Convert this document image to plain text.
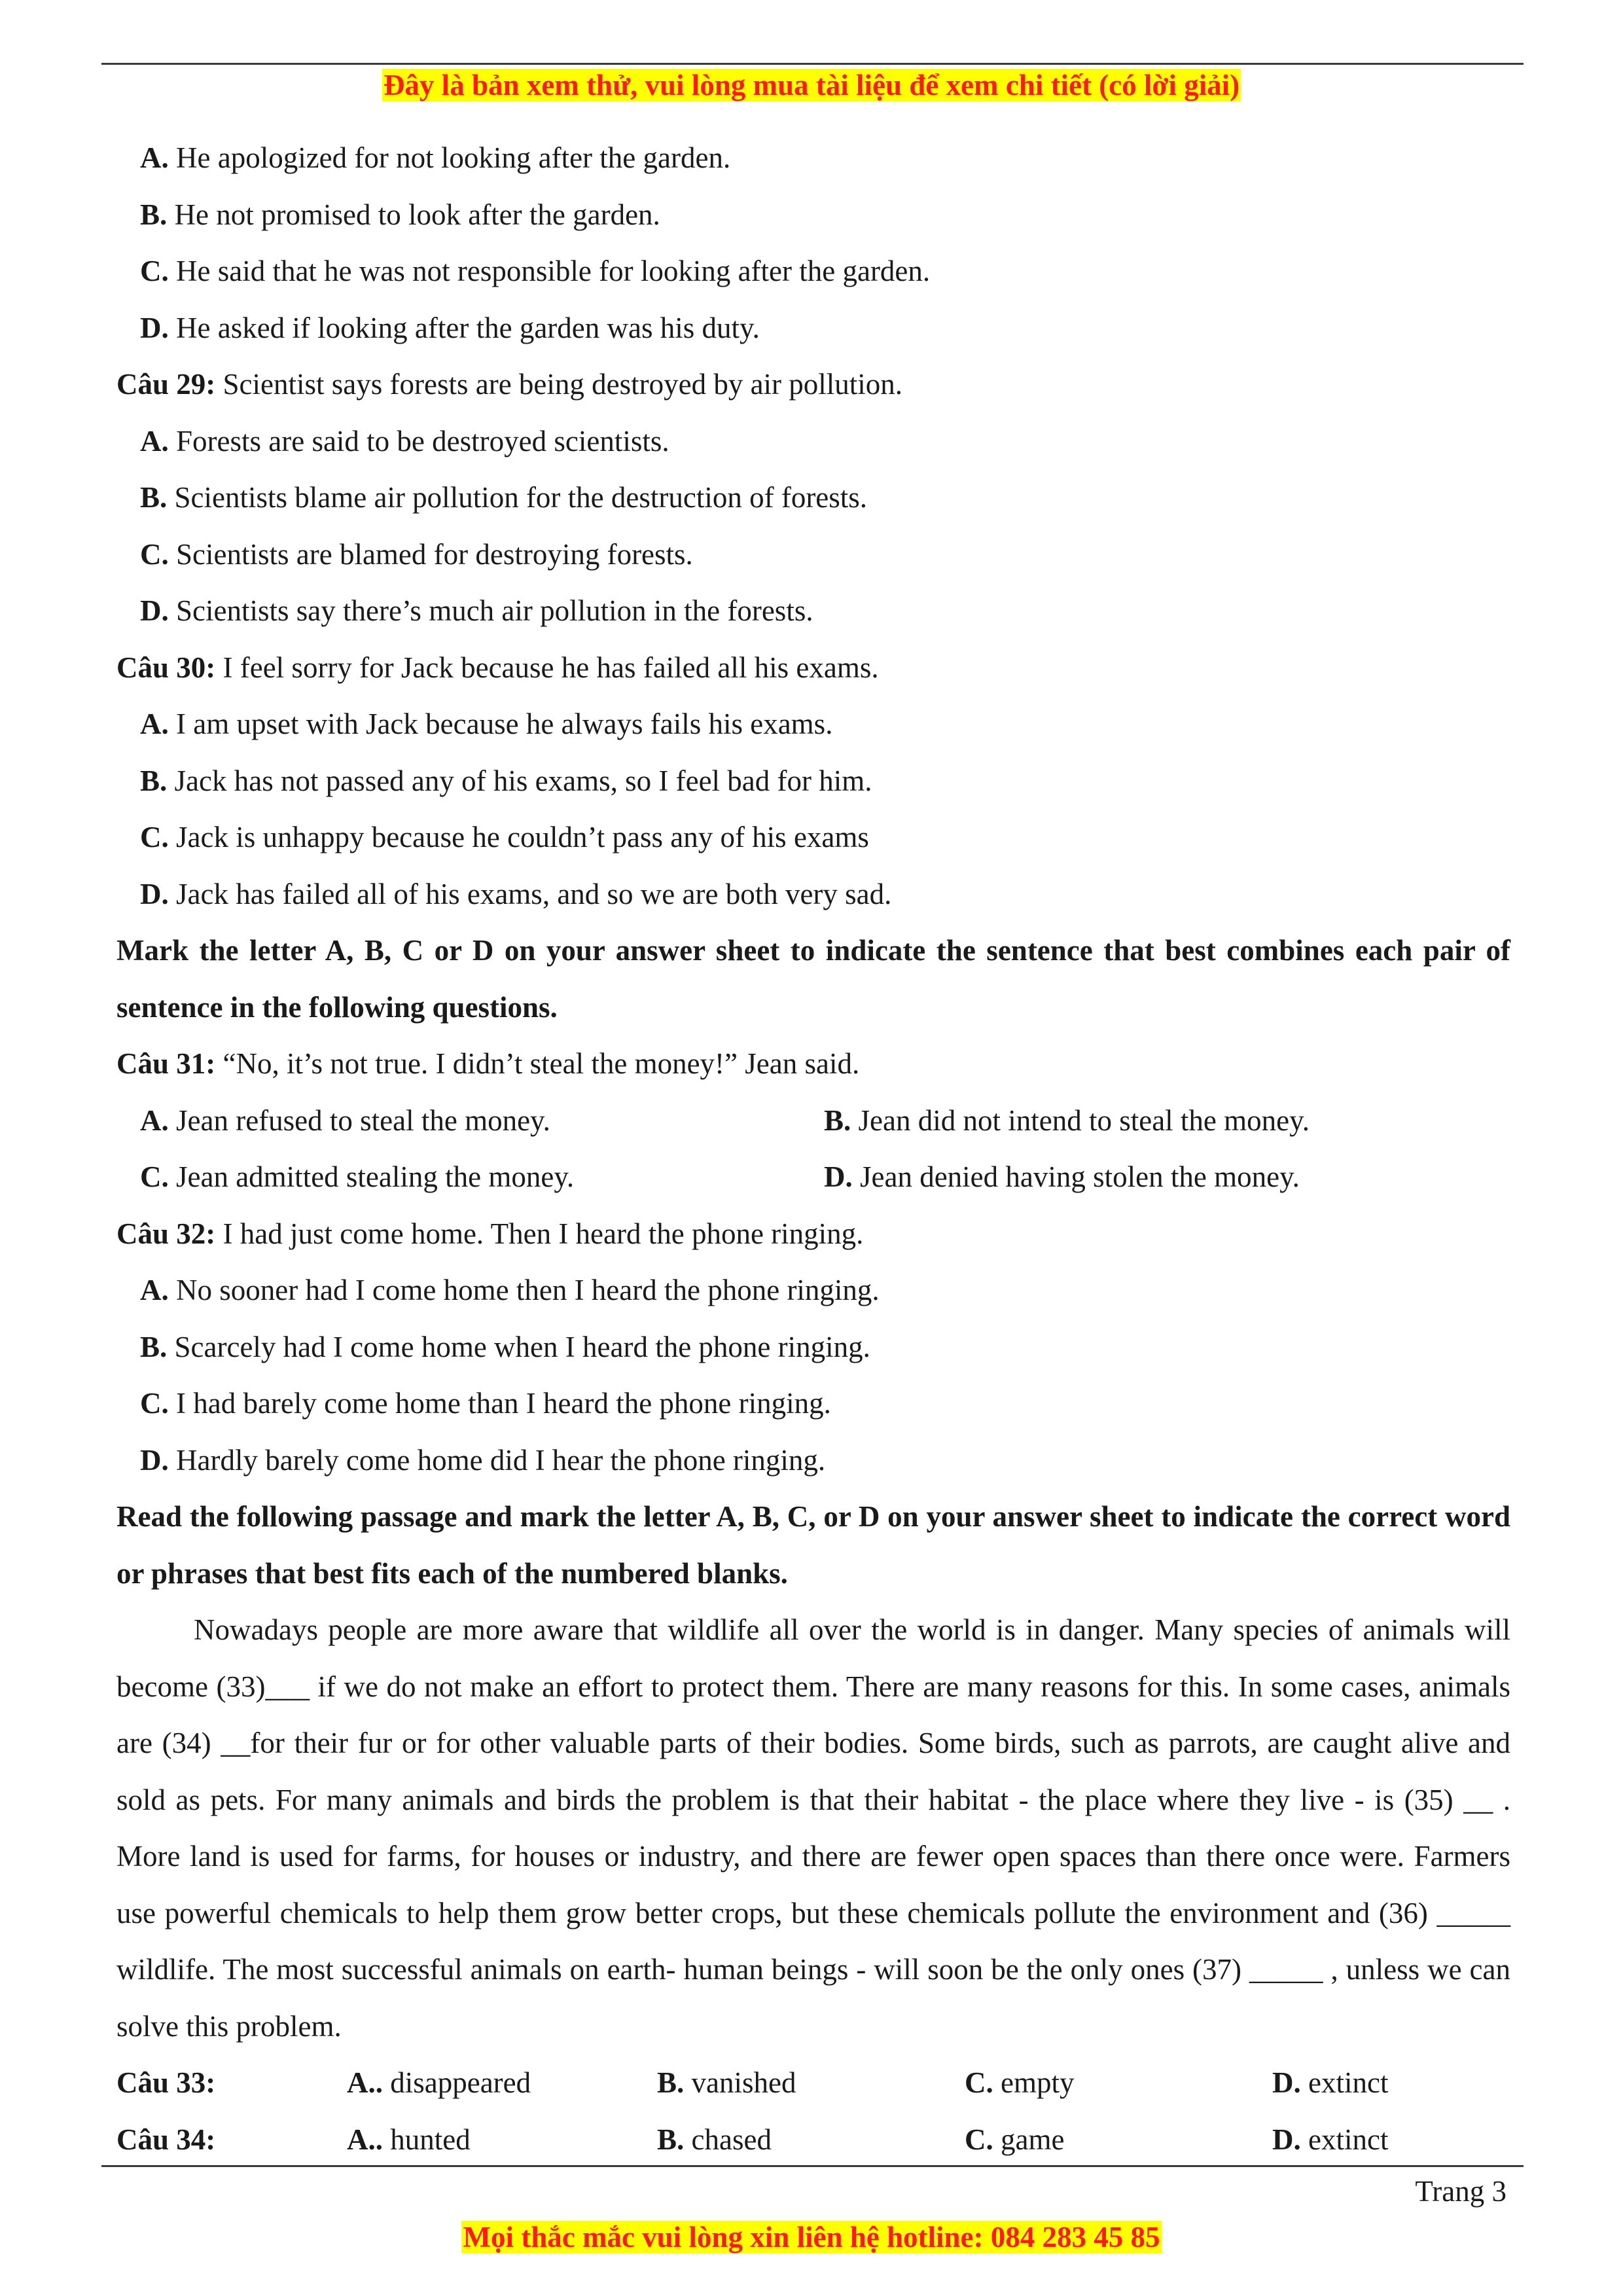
Đây là bản xem thử, vui lòng mua tài liệu để xem chi tiết (có lời giải)
A. He apologized for not looking after the garden.
B. He not promised to look after the garden.
C. He said that he was not responsible for looking after the garden.
D. He asked if looking after the garden was his duty.
Câu 29: Scientist says forests are being destroyed by air pollution.
A. Forests are said to be destroyed scientists.
B. Scientists blame air pollution for the destruction of forests.
C. Scientists are blamed for destroying forests.
D. Scientists say there’s much air pollution in the forests.
Câu 30: I feel sorry for Jack because he has failed all his exams.
A. I am upset with Jack because he always fails his exams.
B. Jack has not passed any of his exams, so I feel bad for him.
C. Jack is unhappy because he couldn’t pass any of his exams
D. Jack has failed all of his exams, and so we are both very sad.
Mark the letter A, B, C or D on your answer sheet to indicate the sentence that best combines each pair of sentence in the following questions.
Câu 31: “No, it’s not true. I didn’t steal the money!” Jean said.
A. Jean refused to steal the money.	B. Jean did not intend to steal the money.
C. Jean admitted stealing the money.	D. Jean denied having stolen the money.
Câu 32: I had just come home. Then I heard the phone ringing.
A. No sooner had I come home then I heard the phone ringing.
B. Scarcely had I come home when I heard the phone ringing.
C. I had barely come home than I heard the phone ringing.
D. Hardly barely come home did I hear the phone ringing.
Read the following passage and mark the letter A, B, C, or D on your answer sheet to indicate the correct word or phrases that best fits each of the numbered blanks.
Nowadays people are more aware that wildlife all over the world is in danger. Many species of animals will become (33)___ if we do not make an effort to protect them. There are many reasons for this. In some cases, animals are (34) __for their fur or for other valuable parts of their bodies. Some birds, such as parrots, are caught alive and sold as pets. For many animals and birds the problem is that their habitat - the place where they live - is (35) __ . More land is used for farms, for houses or industry, and there are fewer open spaces than there once were. Farmers use powerful chemicals to help them grow better crops, but these chemicals pollute the environment and (36) _____ wildlife. The most successful animals on earth- human beings - will soon be the only ones (37) _____ , unless we can solve this problem.
Câu 33:	A.. disappeared	B. vanished	C. empty	D. extinct
Câu 34:	A.. hunted	B. chased	C. game	D. extinct
Trang 3
Mọi thắc mắc vui lòng xin liên hệ hotline: 084 283 45 85
